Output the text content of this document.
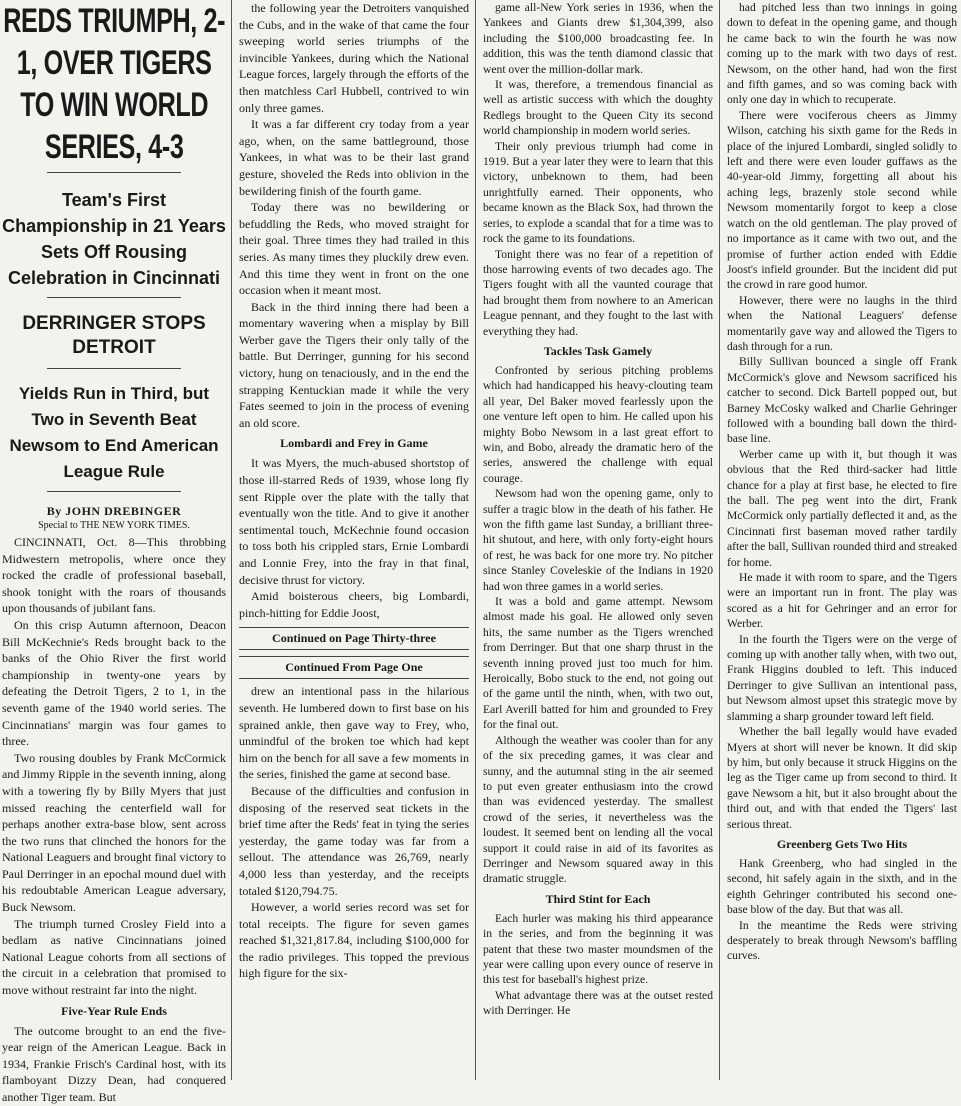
REDS TRIUMPH, 2-1, OVER TIGERS TO WIN WORLD SERIES, 4-3
Team's First Championship in 21 Years Sets Off Rousing Celebration in Cincinnati
DERRINGER STOPS DETROIT
Yields Run in Third, but Two in Seventh Beat Newsom to End American League Rule
By JOHN DREBINGER
Special to THE NEW YORK TIMES.

CINCINNATI, Oct. 8—This throbbing Midwestern metropolis, where once they rocked the cradle of professional baseball, shook tonight with the roars of thousands upon thousands of jubilant fans.

On this crisp Autumn afternoon, Deacon Bill McKechnie's Reds brought back to the banks of the Ohio River the first world championship in twenty-one years by defeating the Detroit Tigers, 2 to 1, in the seventh game of the 1940 world series. The Cincinnatians' margin was four games to three.

Two rousing doubles by Frank McCormick and Jimmy Ripple in the seventh inning, along with a towering fly by Billy Myers that just missed reaching the centerfield wall for perhaps another extra-base blow, sent across the two runs that clinched the honors for the National Leaguers and brought final victory to Paul Derringer in an epochal mound duel with his redoubtable American League adversary, Buck Newsom.

The triumph turned Crosley Field into a bedlam as native Cincinnatians joined National League cohorts from all sections of the circuit in a celebration that promised to move without restraint far into the night.

Five-Year Rule Ends

The outcome brought to an end the five-year reign of the American League. Back in 1934, Frankie Frisch's Cardinal host, with its flamboyant Dizzy Dean, had conquered another Tiger team. But

the following year the Detroiters vanquished the Cubs, and in the wake of that came the four sweeping world series triumphs of the invincible Yankees, during which the National League forces, largely through the efforts of the then matchless Carl Hubbell, contrived to win only three games.

It was a far different cry today from a year ago, when, on the same battleground, those Yankees, in what was to be their last grand gesture, shoveled the Reds into oblivion in the bewildering finish of the fourth game.

Today there was no bewildering or befuddling the Reds, who moved straight for their goal. Three times they had trailed in this series. As many times they pluckily drew even. And this time they went in front on the one occasion when it meant most.

Back in the third inning there had been a momentary wavering when a misplay by Bill Werber gave the Tigers their only tally of the battle. But Derringer, gunning for his second victory, hung on tenaciously, and in the end the strapping Kentuckian made it while the very Fates seemed to join in the process of evening an old score.

Lombardi and Frey in Game

It was Myers, the much-abused shortstop of those ill-starred Reds of 1939, whose long fly sent Ripple over the plate with the tally that eventually won the title. And to give it another sentimental touch, McKechnie found occasion to toss both his crippled stars, Ernie Lombardi and Lonnie Frey, into the fray in that final, decisive thrust for victory.

Amid boisterous cheers, big Lombardi, pinch-hitting for Eddie Joost,

Continued on Page Thirty-three
Continued From Page One

drew an intentional pass in the hilarious seventh. He lumbered down to first base on his sprained ankle, then gave way to Frey, who, unmindful of the broken toe which had kept him on the bench for all save a few moments in the series, finished the game at second base.

Because of the difficulties and confusion in disposing of the reserved seat tickets in the brief time after the Reds' feat in tying the series yesterday, the game today was far from a sellout. The attendance was 26,769, nearly 4,000 less than yesterday, and the receipts totaled $120,794.75.

However, a world series record was set for total receipts. The figure for seven games reached $1,321,817.84, including $100,000 for the radio privileges. This topped the previous high figure for the six-

game all-New York series in 1936, when the Yankees and Giants drew $1,304,399, also including the $100,000 broadcasting fee. In addition, this was the tenth diamond classic that went over the million-dollar mark.

It was, therefore, a tremendous financial as well as artistic success with which the doughty Redlegs brought to the Queen City its second world championship in modern world series.

Their only previous triumph had come in 1919. But a year later they were to learn that this victory, unbeknown to them, had been unrightfully earned. Their opponents, who became known as the Black Sox, had thrown the series, to explode a scandal that for a time was to rock the game to its foundations.

Tonight there was no fear of a repetition of those harrowing events of two decades ago. The Tigers fought with all the vaunted courage that had brought them from nowhere to an American League pennant, and they fought to the last with everything they had.

Tackles Task Gamely

Confronted by serious pitching problems which had handicapped his heavy-clouting team all year, Del Baker moved fearlessly upon the one venture left open to him. He called upon his mighty Bobo Newsom in a last great effort to win, and Bobo, already the dramatic hero of the series, answered the challenge with equal courage.

Newsom had won the opening game, only to suffer a tragic blow in the death of his father. He won the fifth game last Sunday, a brilliant three-hit shutout, and here, with only forty-eight hours of rest, he was back for one more try. No pitcher since Stanley Coveleskie of the Indians in 1920 had won three games in a world series.

It was a bold and game attempt. Newsom almost made his goal. He allowed only seven hits, the same number as the Tigers wrenched from Derringer. But that one sharp thrust in the seventh inning proved just too much for him. Heroically, Bobo stuck to the end, not going out of the game until the ninth, when, with two out, Earl Averill batted for him and grounded to Frey for the final out.

Although the weather was cooler than for any of the six preceding games, it was clear and sunny, and the autumnal sting in the air seemed to put even greater enthusiasm into the crowd than was evidenced yesterday. The smallest crowd of the series, it nevertheless was the loudest. It seemed bent on lending all the vocal support it could raise in aid of its favorites as Derringer and Newsom squared away in this dramatic struggle.

Third Stint for Each

Each hurler was making his third appearance in the series, and from the beginning it was patent that these two master moundsmen of the year were calling upon every ounce of reserve in this test for baseball's highest prize.

What advantage there was at the outset rested with Derringer. He

had pitched less than two innings in going down to defeat in the opening game, and though he came back to win the fourth he was now coming up to the mark with two days of rest. Newsom, on the other hand, had won the first and fifth games, and so was coming back with only one day in which to recuperate.

There were vociferous cheers as Jimmy Wilson, catching his sixth game for the Reds in place of the injured Lombardi, singled solidly to left and there were even louder guffaws as the 40-year-old Jimmy, forgetting all about his aching legs, brazenly stole second while Newsom momentarily forgot to keep a close watch on the old gentleman. The play proved of no importance as it came with two out, and the promise of further action ended with Eddie Joost's infield grounder. But the incident did put the crowd in rare good humor.

However, there were no laughs in the third when the National Leaguers' defense momentarily gave way and allowed the Tigers to dash through for a run.

Billy Sullivan bounced a single off Frank McCormick's glove and Newsom sacrificed his catcher to second. Dick Bartell popped out, but Barney McCosky walked and Charlie Gehringer followed with a bounding ball down the third-base line.

Werber came up with it, but though it was obvious that the Red third-sacker had little chance for a play at first base, he elected to fire the ball. The peg went into the dirt, Frank McCormick only partially deflected it and, as the Cincinnati first baseman moved rather tardily after the ball, Sullivan rounded third and streaked for home.

He made it with room to spare, and the Tigers were an important run in front. The play was scored as a hit for Gehringer and an error for Werber.

In the fourth the Tigers were on the verge of coming up with another tally when, with two out, Frank Higgins doubled to left. This induced Derringer to give Sullivan an intentional pass, but Newsom almost upset this strategic move by slamming a sharp grounder toward left field.

Whether the ball legally would have evaded Myers at short will never be known. It did skip by him, but only because it struck Higgins on the leg as the Tiger came up from second to third. It gave Newsom a hit, but it also brought about the third out, and with that ended the Tigers' last serious threat.

Greenberg Gets Two Hits

Hank Greenberg, who had singled in the second, hit safely again in the sixth, and in the eighth Gehringer contributed his second one-base blow of the day. But that was all.

In the meantime the Reds were striving desperately to break through Newsom's baffling curves.
